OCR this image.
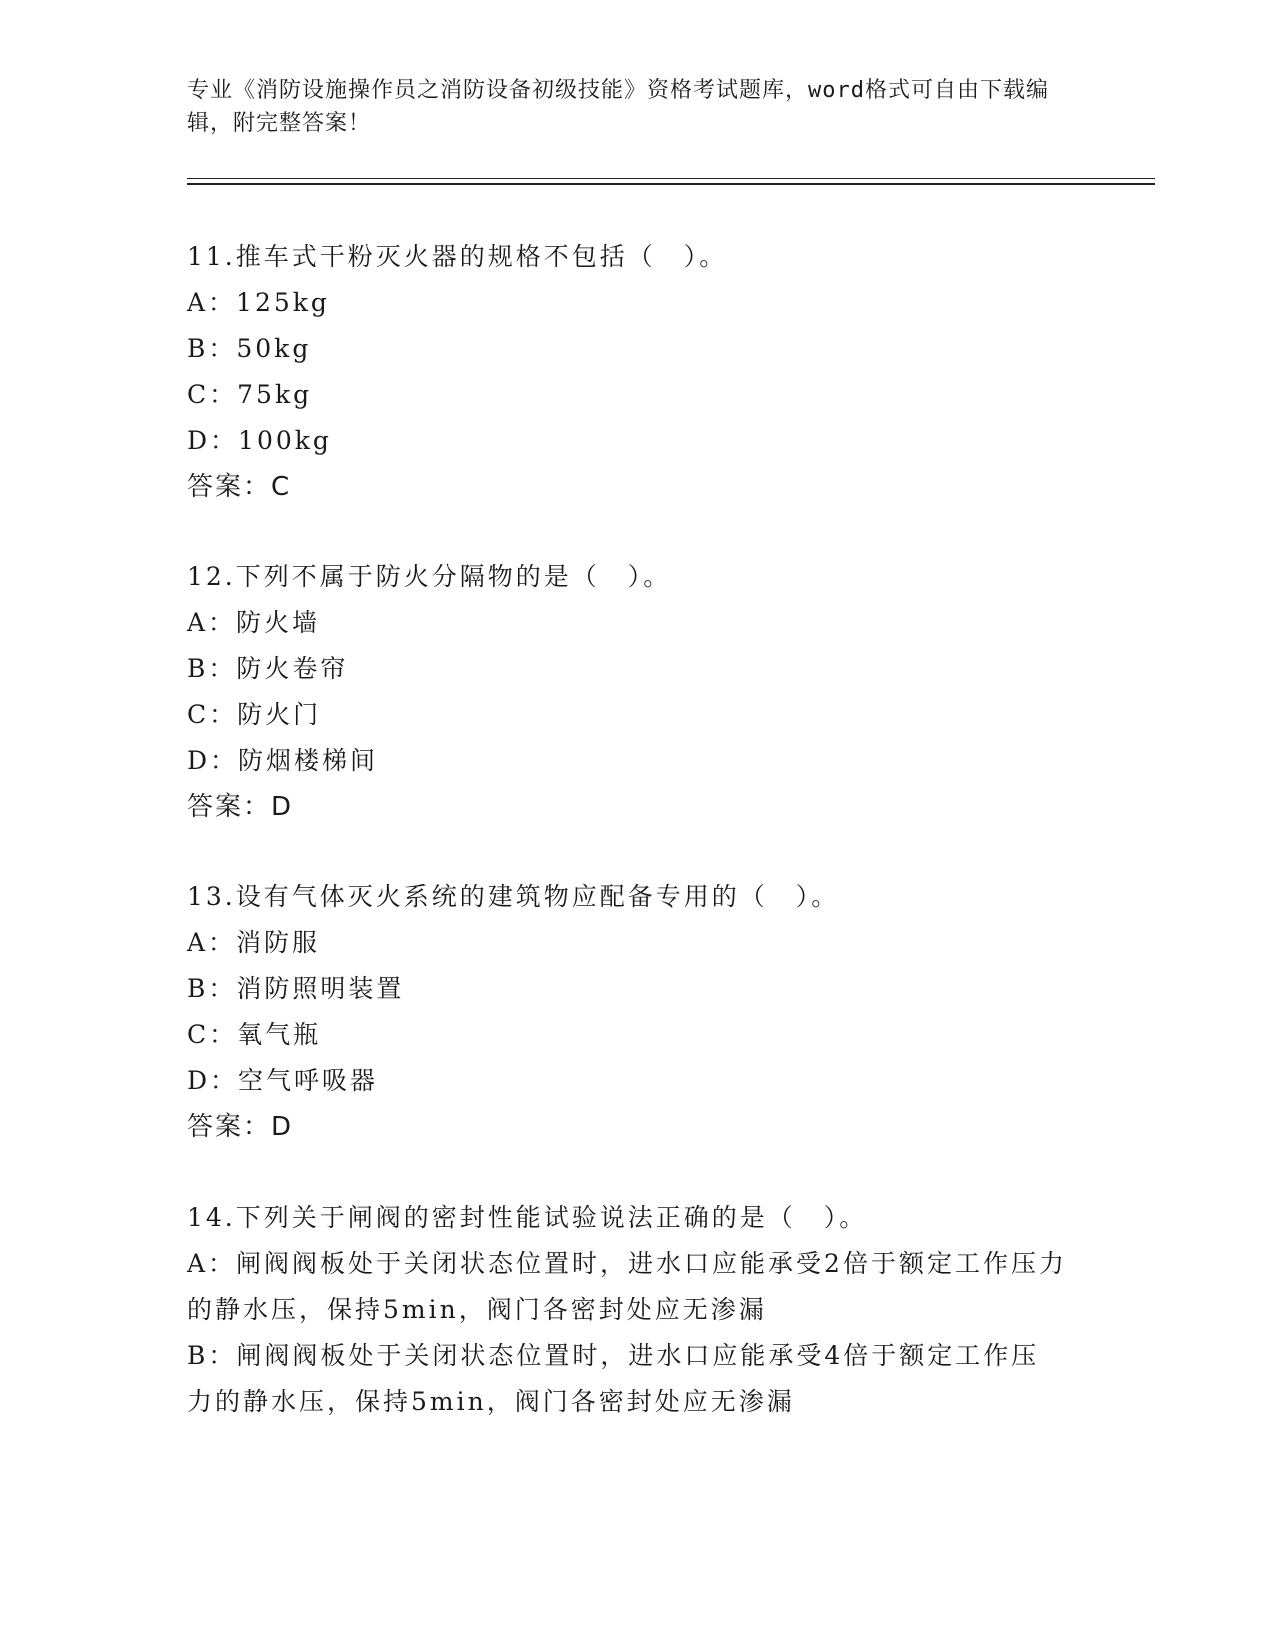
专业《消防设施操作员之消防设备初级技能》资格考试题库，word格式可自由下载编辑，附完整答案！
11.推车式干粉灭火器的规格不包括（　）。
A：125kg
B：50kg
C：75kg
D：100kg
答案：C
12.下列不属于防火分隔物的是（　）。
A：防火墙
B：防火卷帘
C：防火门
D：防烟楼梯间
答案：D
13.设有气体灭火系统的建筑物应配备专用的（　）。
A：消防服
B：消防照明装置
C：氧气瓶
D：空气呼吸器
答案：D
14.下列关于闸阀的密封性能试验说法正确的是（　）。
A：闸阀阀板处于关闭状态位置时，进水口应能承受2倍于额定工作压力的静水压，保持5min，阀门各密封处应无渗漏
B：闸阀阀板处于关闭状态位置时，进水口应能承受4倍于额定工作压力的静水压，保持5min，阀门各密封处应无渗漏
